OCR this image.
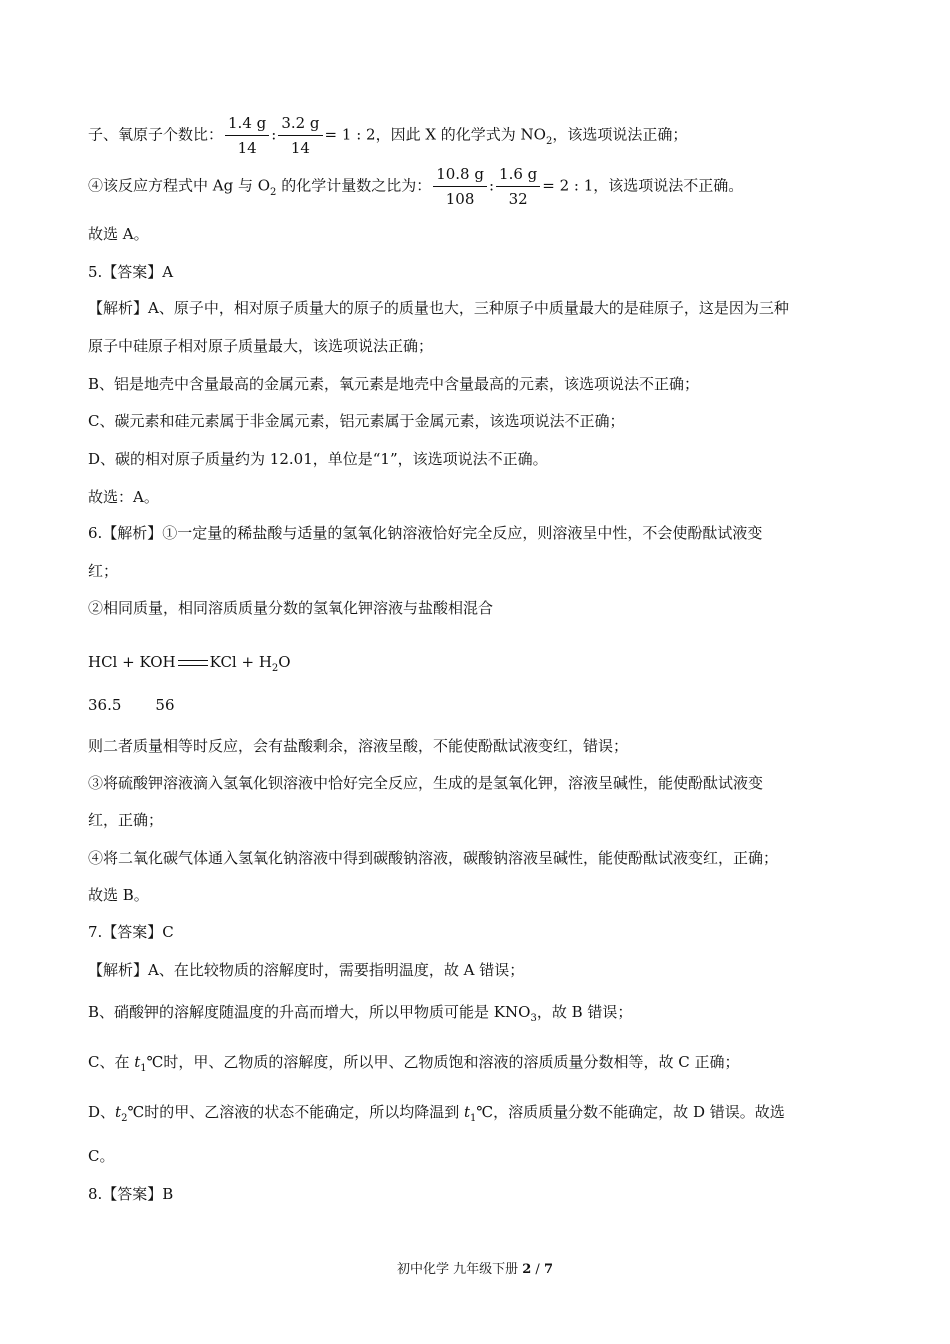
子、氧原子个数比： $\frac{1.4 g}{14}$ : $\frac{3.2 g}{14} = 1$ : 2，因此 X 的化学式为 $NO_2$，该选项说法正确；
④该反应方程式中 Ag 与 $O_2$ 的化学计量数之比为： $\frac{10.8 g}{108}$ : $\frac{1.6 g}{32} = 2$ : 1，该选项说法不正确。
故选 A。
5.【答案】A
【解析】A、原子中，相对原子质量大的原子的质量也大，三种原子中质量最大的是硅原子，这是因为三种
原子中硅原子相对原子质量最大，该选项说法正确；
B、铝是地壳中含量最高的金属元素，氧元素是地壳中含量最高的元素，该选项说法不正确；
C、碳元素和硅元素属于非金属元素，铝元素属于金属元素，该选项说法不正确；
D、碳的相对原子质量约为 12.01，单位是“1”，该选项说法不正确。
故选：A。
6.【解析】①一定量的稀盐酸与适量的氢氧化钠溶液恰好完全反应，则溶液呈中性，不会使酚酞试液变
红；
②相同质量，相同溶质质量分数的氢氧化钾溶液与盐酸相混合
HCl + KOH KCl + $H_2O$
36.5 56
则二者质量相等时反应，会有盐酸剩余，溶液呈酸，不能使酚酞试液变红，错误；
③将硫酸钾溶液滴入氢氧化钡溶液中恰好完全反应，生成的是氢氧化钾，溶液呈碱性，能使酚酞试液变
红，正确；
④将二氧化碳气体通入氢氧化钠溶液中得到碳酸钠溶液，碳酸钠溶液呈碱性，能使酚酞试液变红，正确；
故选 B。
7.【答案】C
【解析】A、在比较物质的溶解度时，需要指明温度，故 A 错误；
B、硝酸钾的溶解度随温度的升高而增大，所以甲物质可能是 $KNO_3$，故 B 错误；
C、在 $t_1℃$时，甲、乙物质的溶解度，所以甲、乙物质饱和溶液的溶质质量分数相等，故 C 正确；
D、$t_2℃$时的甲、乙溶液的状态不能确定，所以均降温到 $t_1℃$，溶质质量分数不能确定，故 D 错误。故选
C。
8.【答案】B
初中化学 九年级下册 2 / 7
